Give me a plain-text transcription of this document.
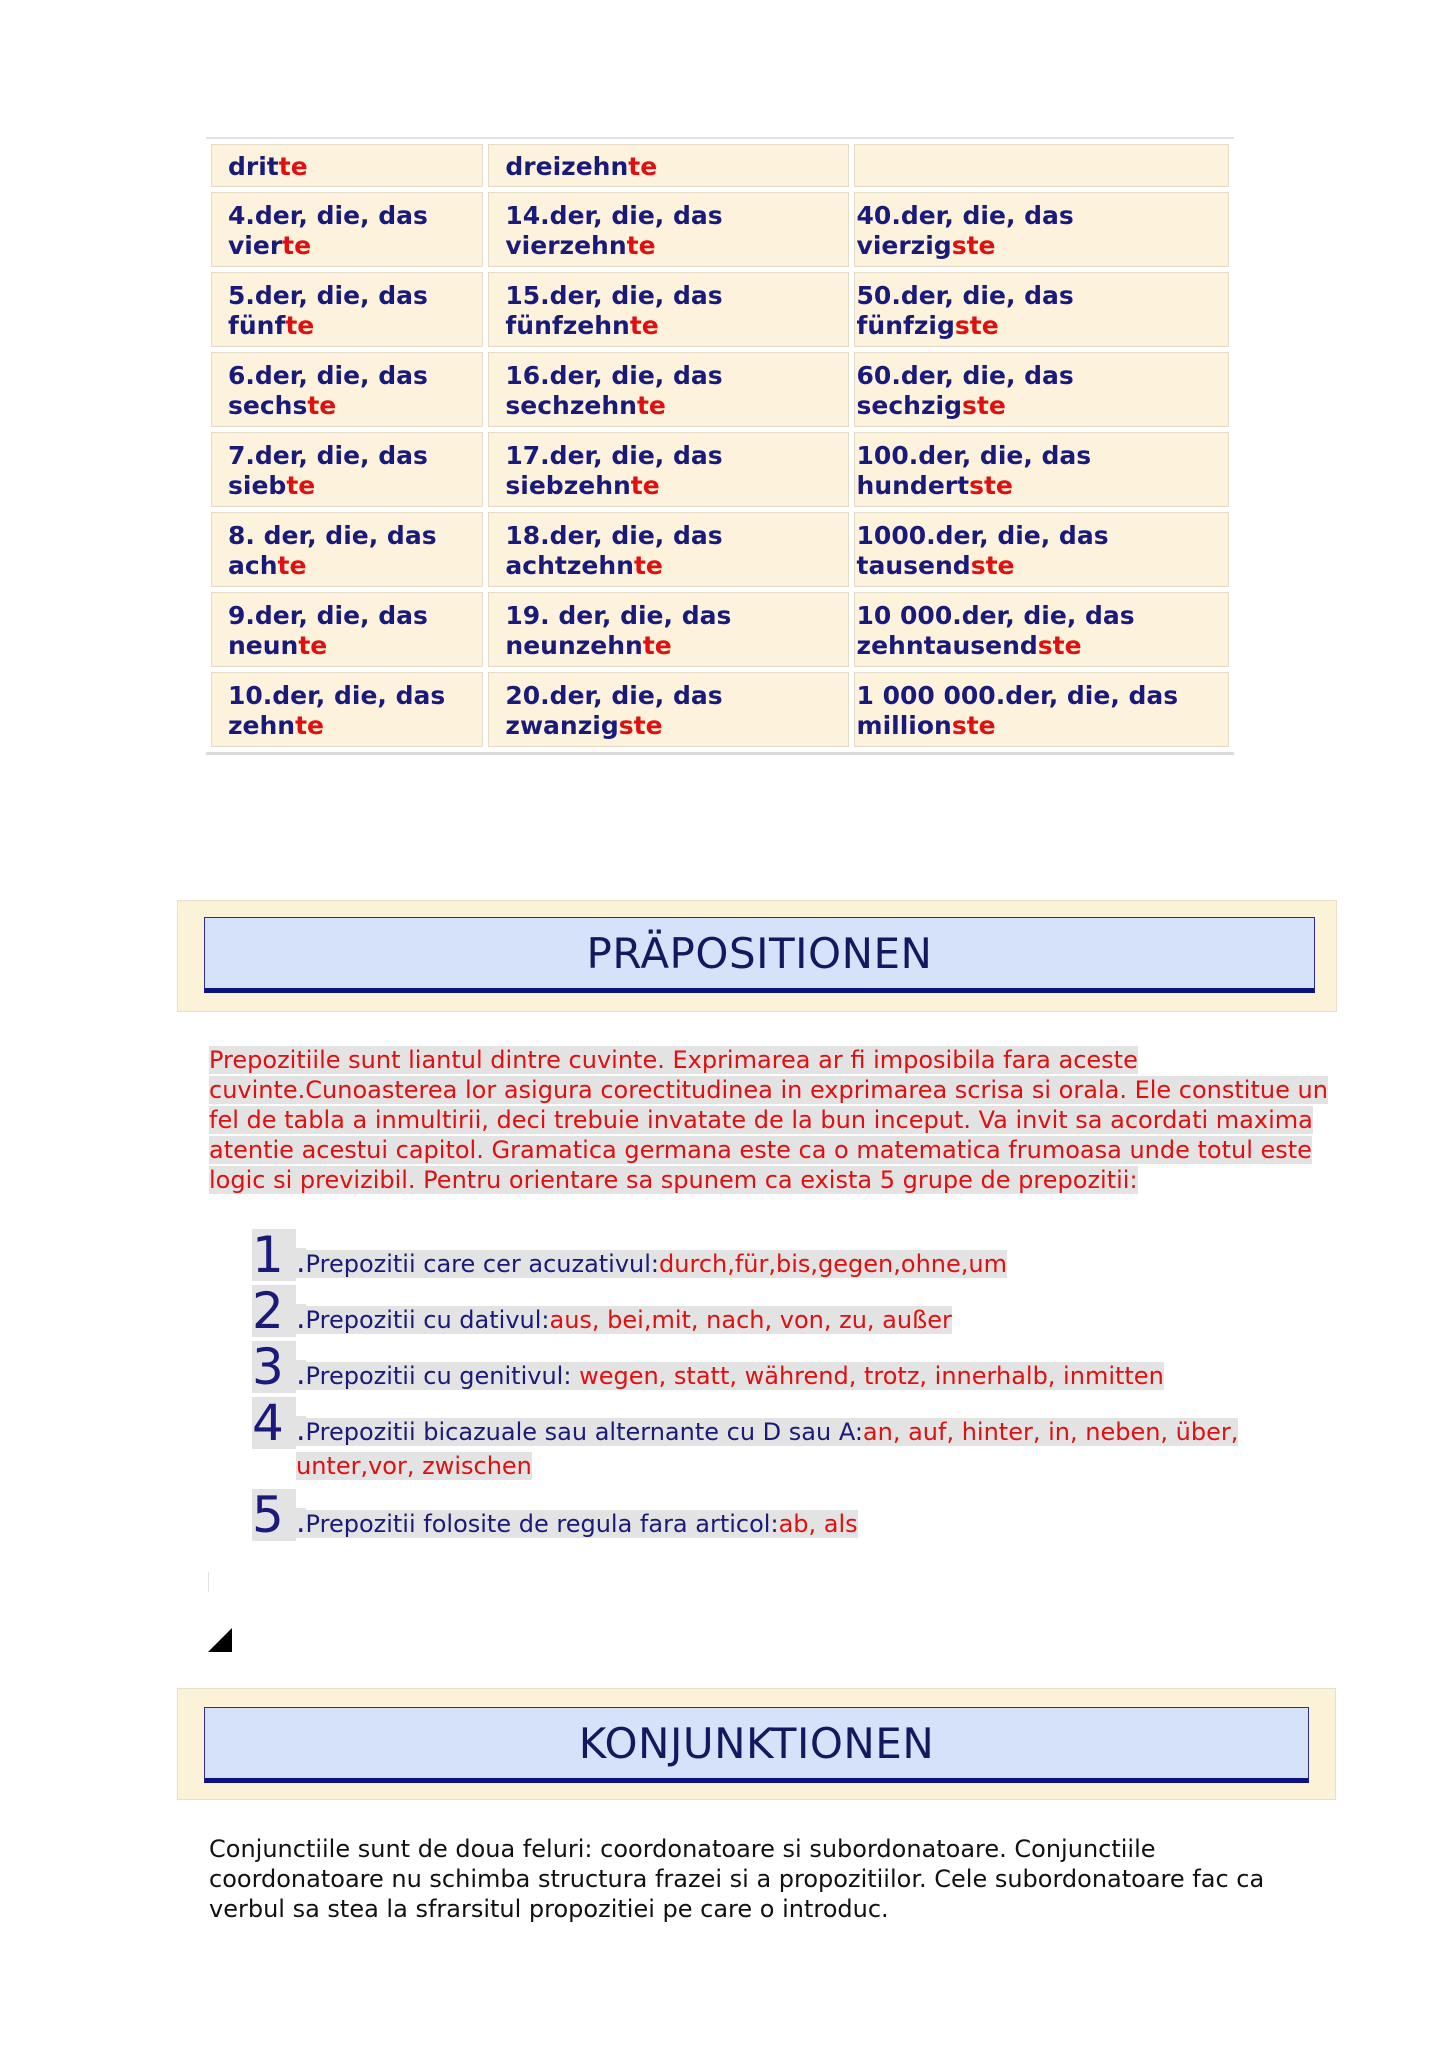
dritte	dreizehnte	
4.der, die, das vierte	14.der, die, das vierzehnte	40.der, die, das vierzigste
5.der, die, das fünfte	15.der, die, das fünfzehnte	50.der, die, das fünfzigste
6.der, die, das sechste	16.der, die, das sechzehnte	60.der, die, das sechzigste
7.der, die, das siebte	17.der, die, das siebzehnte	100.der, die, das hundertste
8. der, die, das achte	18.der, die, das achtzehnte	1000.der, die, das tausendste
9.der, die, das neunte	19. der, die, das neunzehnte	10 000.der, die, das zehntausendste
10.der, die, das zehnte	20.der, die, das zwanzigste	1 000 000.der, die, das millionste
PRÄPOSITIONEN
Prepozitiile sunt liantul dintre cuvinte. Exprimarea ar fi imposibila fara aceste
cuvinte.Cunoasterea lor asigura corectitudinea in exprimarea scrisa si orala. Ele constitue un
fel de tabla a inmultirii, deci trebuie invatate de la bun inceput. Va invit sa acordati maxima
atentie acestui capitol. Gramatica germana este ca o matematica frumoasa unde totul este
logic si previzibil. Pentru orientare sa spunem ca exista 5 grupe de prepozitii:
1 . Prepozitii care cer acuzativul:durch,für,bis,gegen,ohne,um
2 . Prepozitii cu dativul:aus, bei,mit, nach, von, zu, außer
3 . Prepozitii cu genitivul: wegen, statt, während, trotz, innerhalb, inmitten
4 . Prepozitii bicazuale sau alternante cu D sau A:an, auf, hinter, in, neben, über,
unter,vor, zwischen
5 . Prepozitii folosite de regula fara articol:ab, als
KONJUNKTIONEN
Conjunctiile sunt de doua feluri: coordonatoare si subordonatoare. Conjunctiile
coordonatoare nu schimba structura frazei si a propozitiilor. Cele subordonatoare fac ca
verbul sa stea la sfrarsitul propozitiei pe care o introduc.
